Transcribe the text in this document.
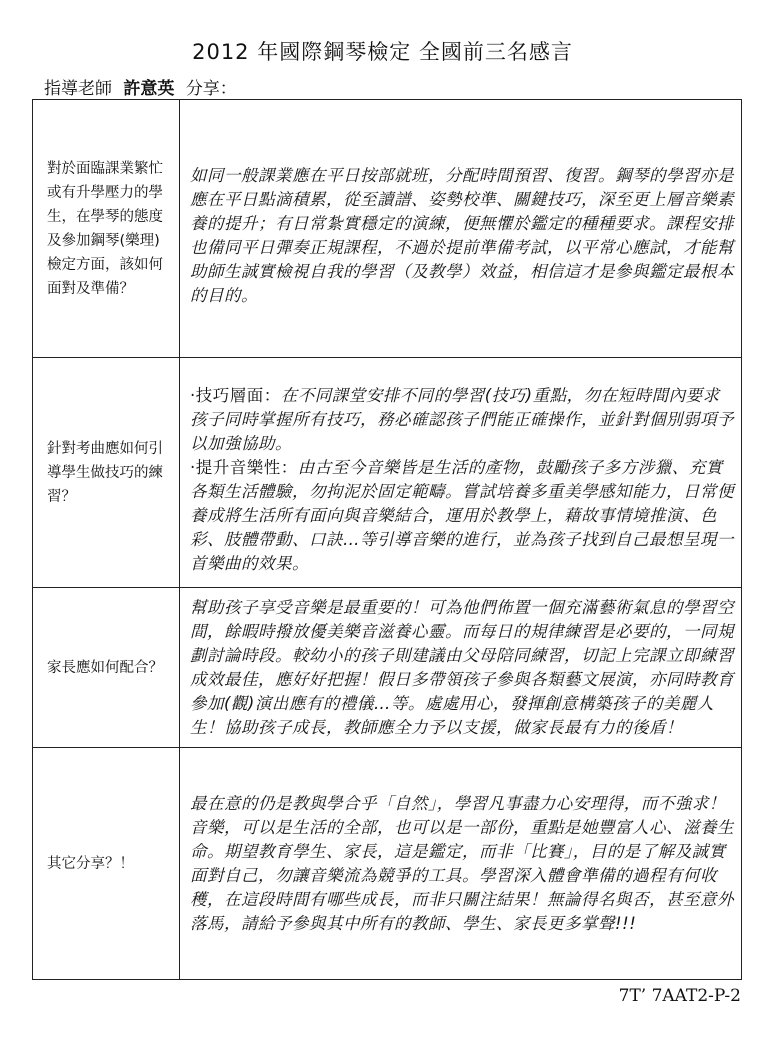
2012 年國際鋼琴檢定 全國前三名感言
指導老師 許意英 分享：
對於面臨課業繁忙或有升學壓力的學生，在學琴的態度及參加鋼琴(樂理)檢定方面，該如何面對及準備？	如同一般課業應在平日按部就班，分配時間預習、復習。鋼琴的學習亦是應在平日點滴積累，從至讀譜、姿勢校準、關鍵技巧，深至更上層音樂素養的提升；有日常紮實穩定的演練，便無懼於鑑定的種種要求。課程安排也備同平日彈奏正規課程，不過於提前準備考試，以平常心應試，才能幫助師生誠實檢視自我的學習（及教學）效益，相信這才是參與鑑定最根本的目的。
針對考曲應如何引導學生做技巧的練習？	‧技巧層面：在不同課堂安排不同的學習(技巧)重點，勿在短時間內要求孩子同時掌握所有技巧，務必確認孩子們能正確操作，並針對個別弱項予以加強協助。
‧提升音樂性：由古至今音樂皆是生活的產物，鼓勵孩子多方涉獵、充實各類生活體驗，勿拘泥於固定範疇。嘗試培養多重美學感知能力，日常便養成將生活所有面向與音樂結合，運用於教學上，藉故事情境推演、色彩、肢體帶動、口訣…等引導音樂的進行，並為孩子找到自己最想呈現一首樂曲的效果。
家長應如何配合？	幫助孩子享受音樂是最重要的！可為他們佈置一個充滿藝術氣息的學習空間，餘暇時撥放優美樂音滋養心靈。而每日的規律練習是必要的，一同規劃討論時段。較幼小的孩子則建議由父母陪同練習，切記上完課立即練習成效最佳，應好好把握！假日多帶領孩子參與各類藝文展演，亦同時教育參加(觀)演出應有的禮儀…等。處處用心，發揮創意構築孩子的美麗人生！協助孩子成長，教師應全力予以支援，做家長最有力的後盾！
其它分享？！	最在意的仍是教與學合乎「自然」，學習凡事盡力心安理得，而不強求！音樂，可以是生活的全部，也可以是一部份，重點是她豐富人心、滋養生命。期望教育學生、家長，這是鑑定，而非「比賽」，目的是了解及誠實面對自己，勿讓音樂流為競爭的工具。學習深入體會準備的過程有何收穫，在這段時間有哪些成長，而非只關注結果！無論得名與否，甚至意外落馬，請給予參與其中所有的教師、學生、家長更多掌聲!!!
7T’ 7AAT2-P-2
